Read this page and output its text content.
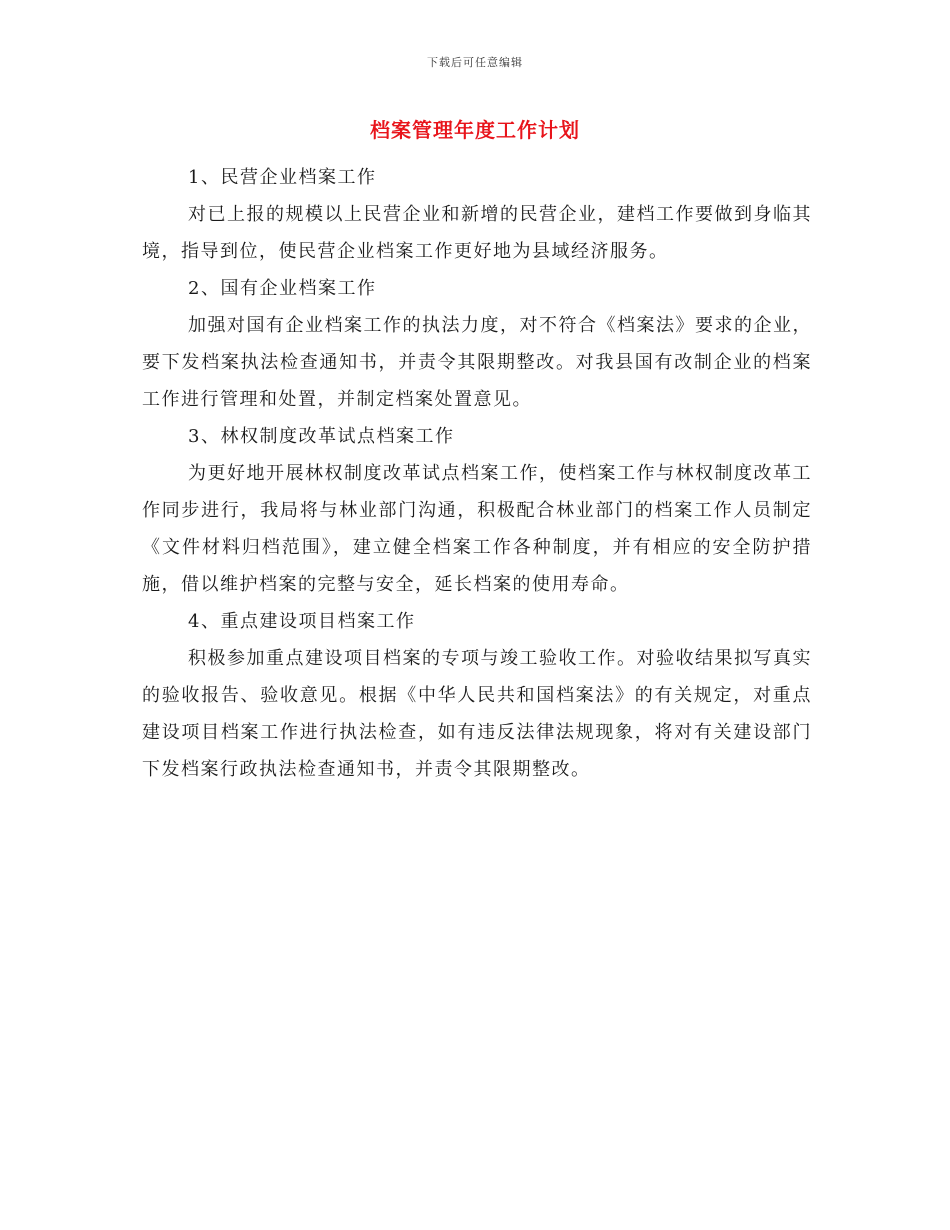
下载后可任意编辑
档案管理年度工作计划

1、民营企业档案工作

对已上报的规模以上民营企业和新增的民营企业，建档工作要做到身临其境，指导到位，使民营企业档案工作更好地为县域经济服务。

2、国有企业档案工作

加强对国有企业档案工作的执法力度，对不符合《档案法》要求的企业，要下发档案执法检查通知书，并责令其限期整改。对我县国有改制企业的档案工作进行管理和处置，并制定档案处置意见。

3、林权制度改革试点档案工作

为更好地开展林权制度改革试点档案工作，使档案工作与林权制度改革工作同步进行，我局将与林业部门沟通，积极配合林业部门的档案工作人员制定《文件材料归档范围》，建立健全档案工作各种制度，并有相应的安全防护措施，借以维护档案的完整与安全，延长档案的使用寿命。

4、重点建设项目档案工作

积极参加重点建设项目档案的专项与竣工验收工作。对验收结果拟写真实的验收报告、验收意见。根据《中华人民共和国档案法》的有关规定，对重点建设项目档案工作进行执法检查，如有违反法律法规现象，将对有关建设部门下发档案行政执法检查通知书，并责令其限期整改。
